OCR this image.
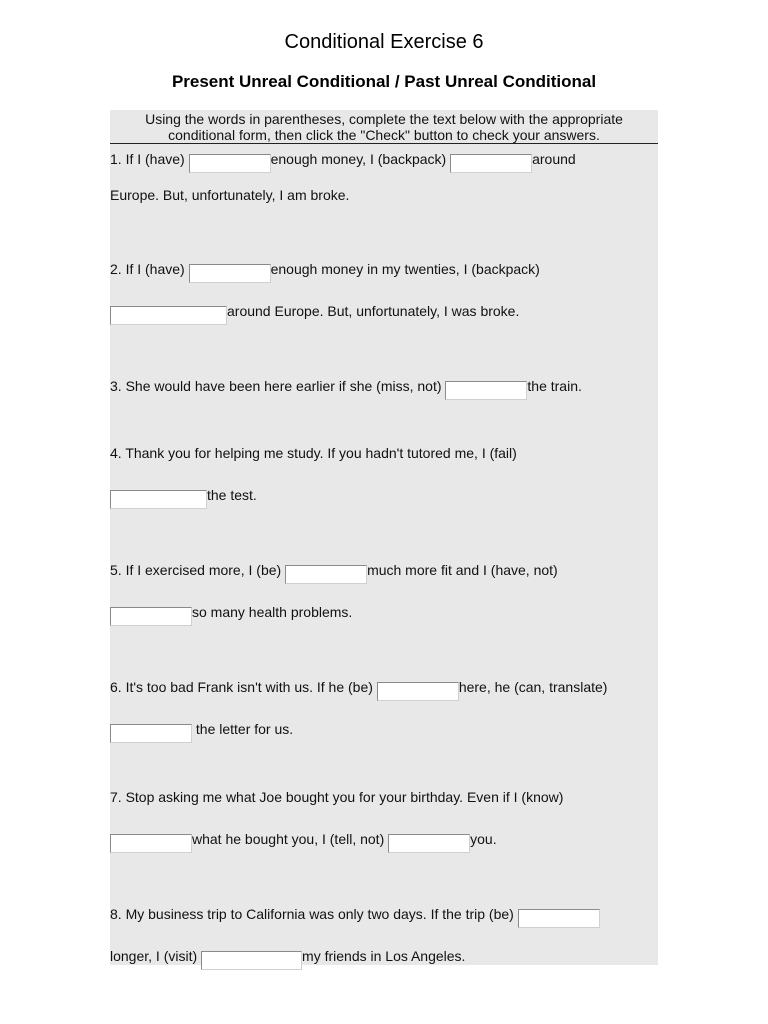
Conditional Exercise 6
Present Unreal Conditional / Past Unreal Conditional
Using the words in parentheses, complete the text below with the appropriate
conditional form, then click the "Check" button to check your answers.
1. If I (have)	enough money, I (backpack)	around
Europe. But, unfortunately, I am broke.
2. If I (have)	enough money in my twenties, I (backpack)
around Europe. But, unfortunately, I was broke.
3. She would have been here earlier if she (miss, not)	the train.
4. Thank you for helping me study. If you hadn't tutored me, I (fail)
the test.
5. If I exercised more, I (be)	much more fit and I (have, not)
so many health problems.
6. It's too bad Frank isn't with us. If he (be)	here, he (can, translate)
the letter for us.
7. Stop asking me what Joe bought you for your birthday. Even if I (know)
what he bought you, I (tell, not)	you.
8. My business trip to California was only two days. If the trip (be)
longer, I (visit)	my friends in Los Angeles.
